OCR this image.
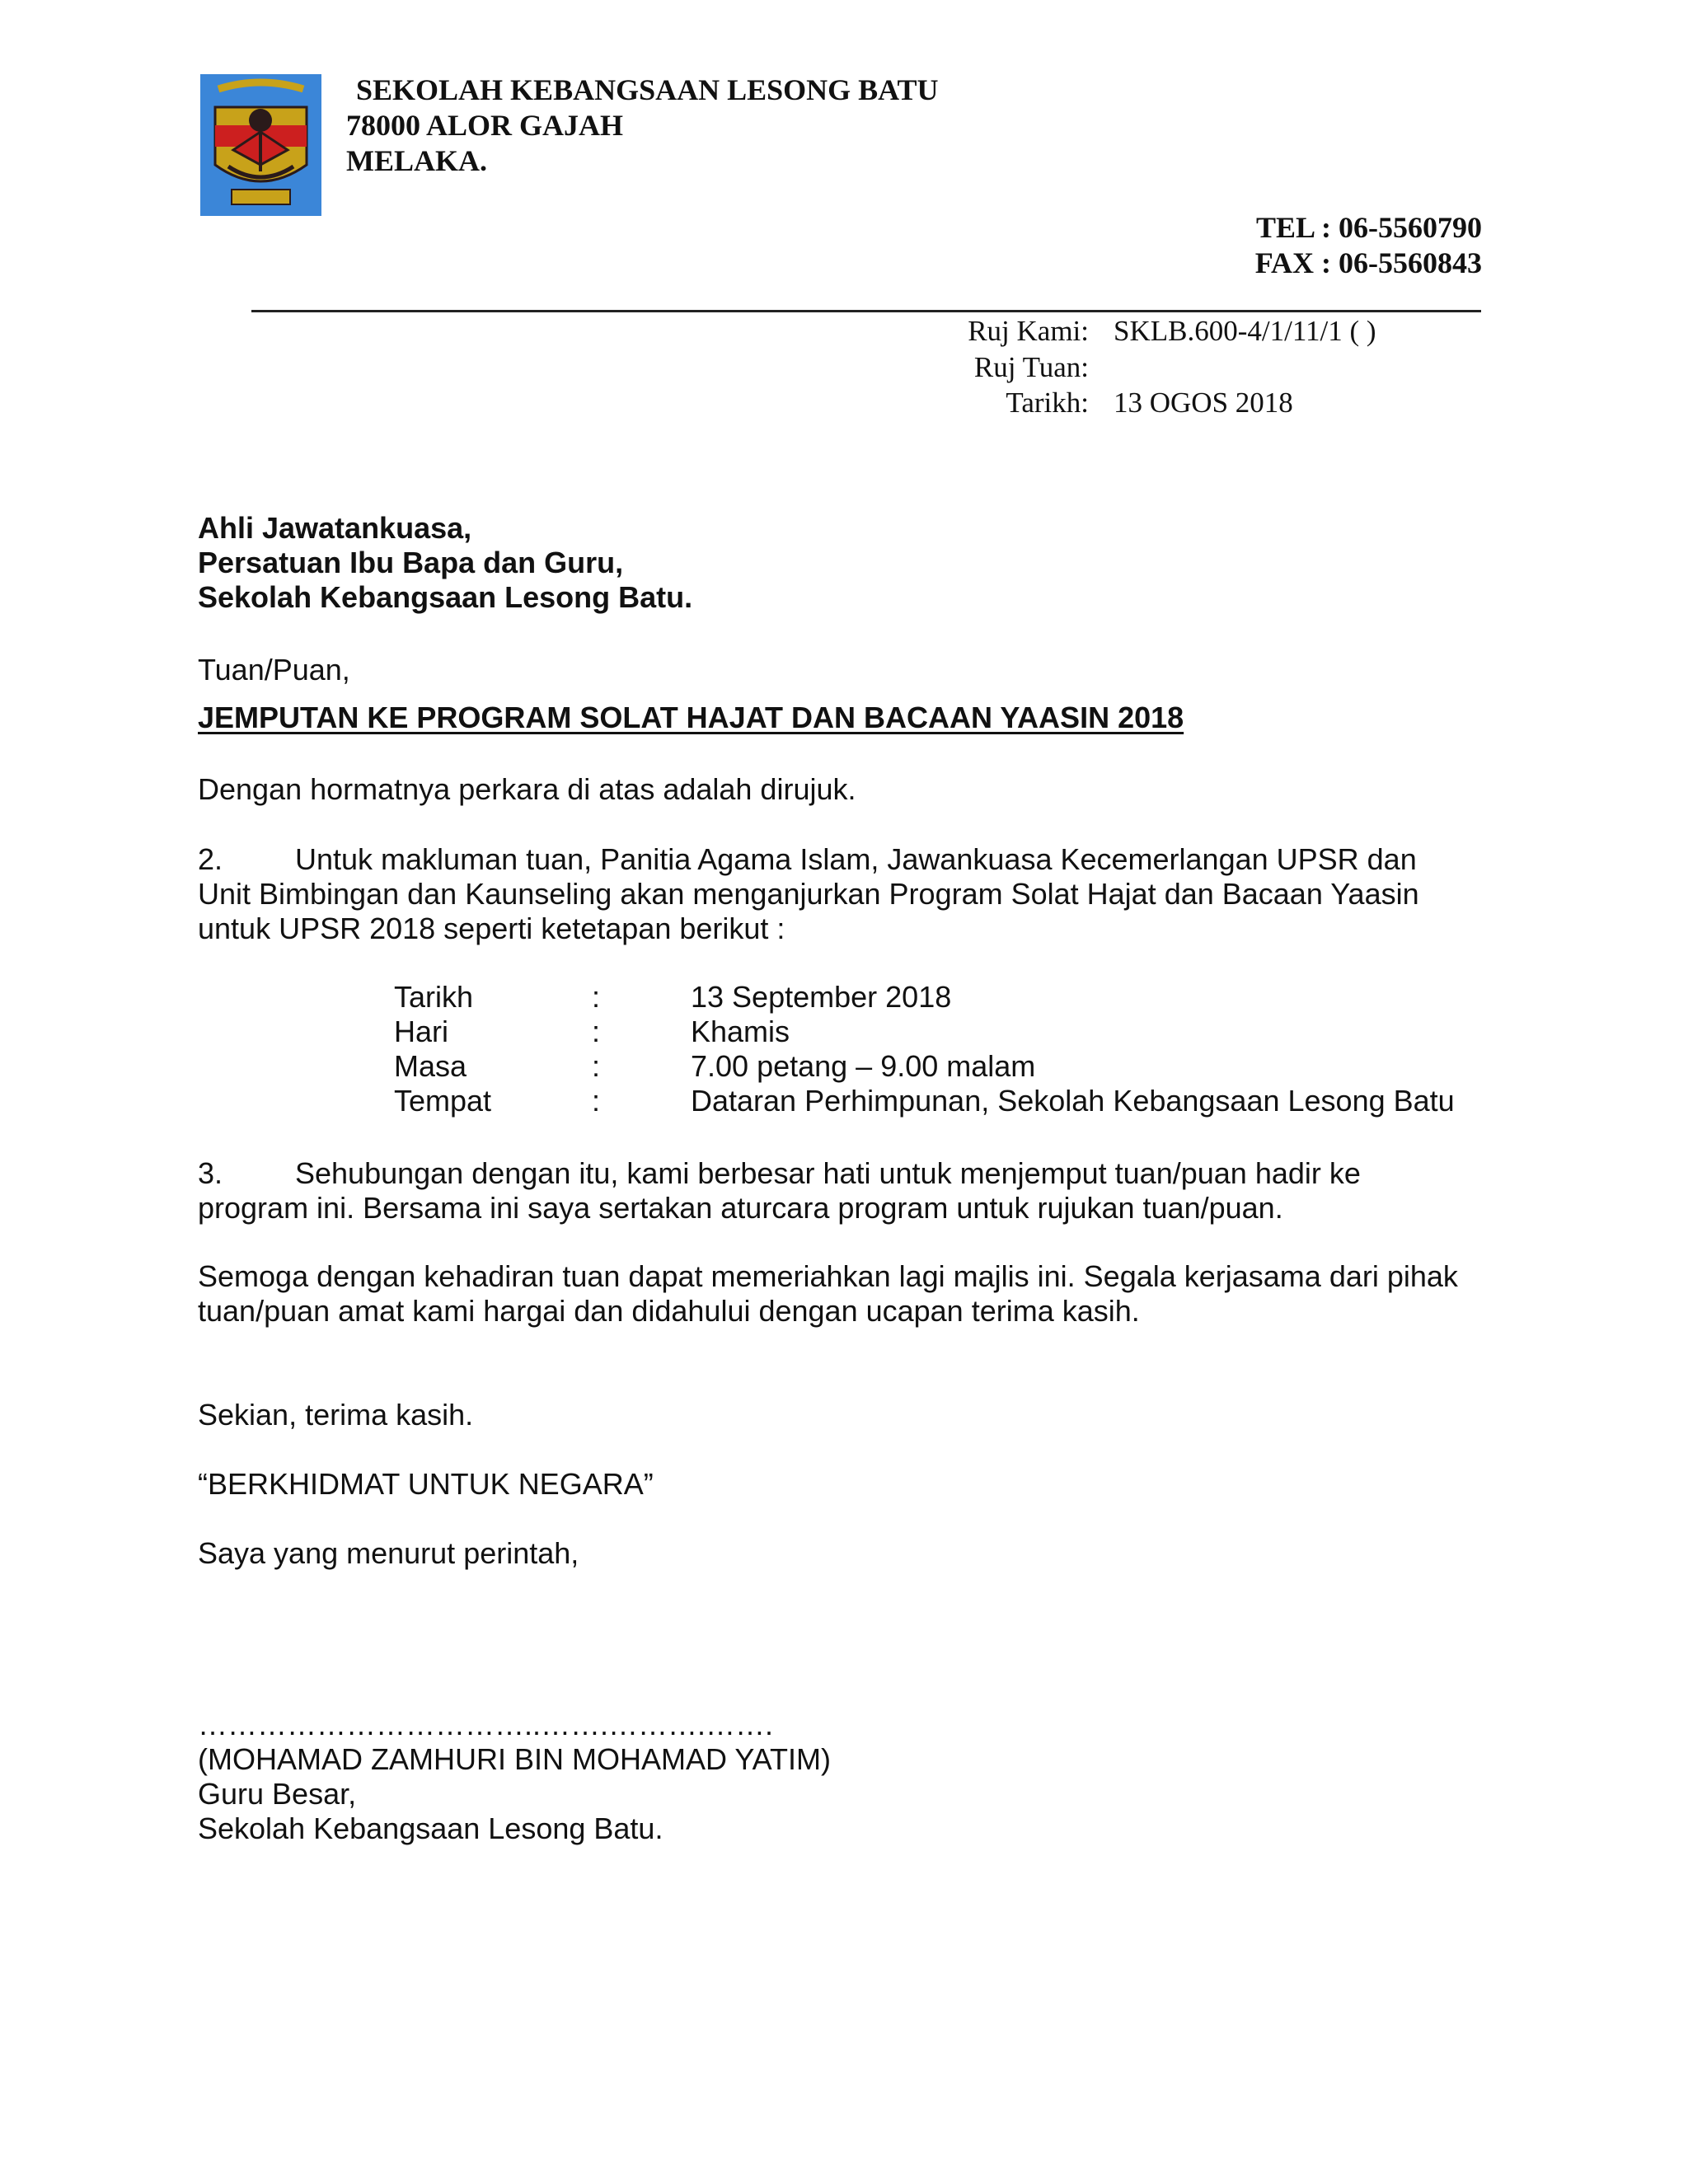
SEKOLAH KEBANGSAAN LESONG BATU
78000 ALOR GAJAH
MELAKA.
TEL : 06-5560790
FAX : 06-5560843
Ruj Kami: SKLB.600-4/1/11/1 ( )
Ruj Tuan:
Tarikh: 13 OGOS 2018
Ahli Jawatankuasa,
Persatuan Ibu Bapa dan Guru,
Sekolah Kebangsaan Lesong Batu.
Tuan/Puan,
JEMPUTAN KE PROGRAM SOLAT HAJAT DAN BACAAN YAASIN 2018
Dengan hormatnya perkara di atas adalah dirujuk.
2. Untuk makluman tuan, Panitia Agama Islam, Jawankuasa Kecemerlangan UPSR dan
Unit Bimbingan dan Kaunseling akan menganjurkan Program Solat Hajat dan Bacaan Yaasin
untuk UPSR 2018 seperti ketetapan berikut :
Tarikh	:	13 September 2018
Hari	:	Khamis
Masa	:	7.00 petang – 9.00 malam
Tempat	:	Dataran Perhimpunan, Sekolah Kebangsaan Lesong Batu
3. Sehubungan dengan itu, kami berbesar hati untuk menjemput tuan/puan hadir ke
program ini. Bersama ini saya sertakan aturcara program untuk rujukan tuan/puan.
Semoga dengan kehadiran tuan dapat memeriahkan lagi majlis ini. Segala kerjasama dari pihak
tuan/puan amat kami hargai dan didahului dengan ucapan terima kasih.
Sekian, terima kasih.
“BERKHIDMAT UNTUK NEGARA”
Saya yang menurut perintah,
……………………………..…….……….…….
(MOHAMAD ZAMHURI BIN MOHAMAD YATIM)
Guru Besar,
Sekolah Kebangsaan Lesong Batu.
